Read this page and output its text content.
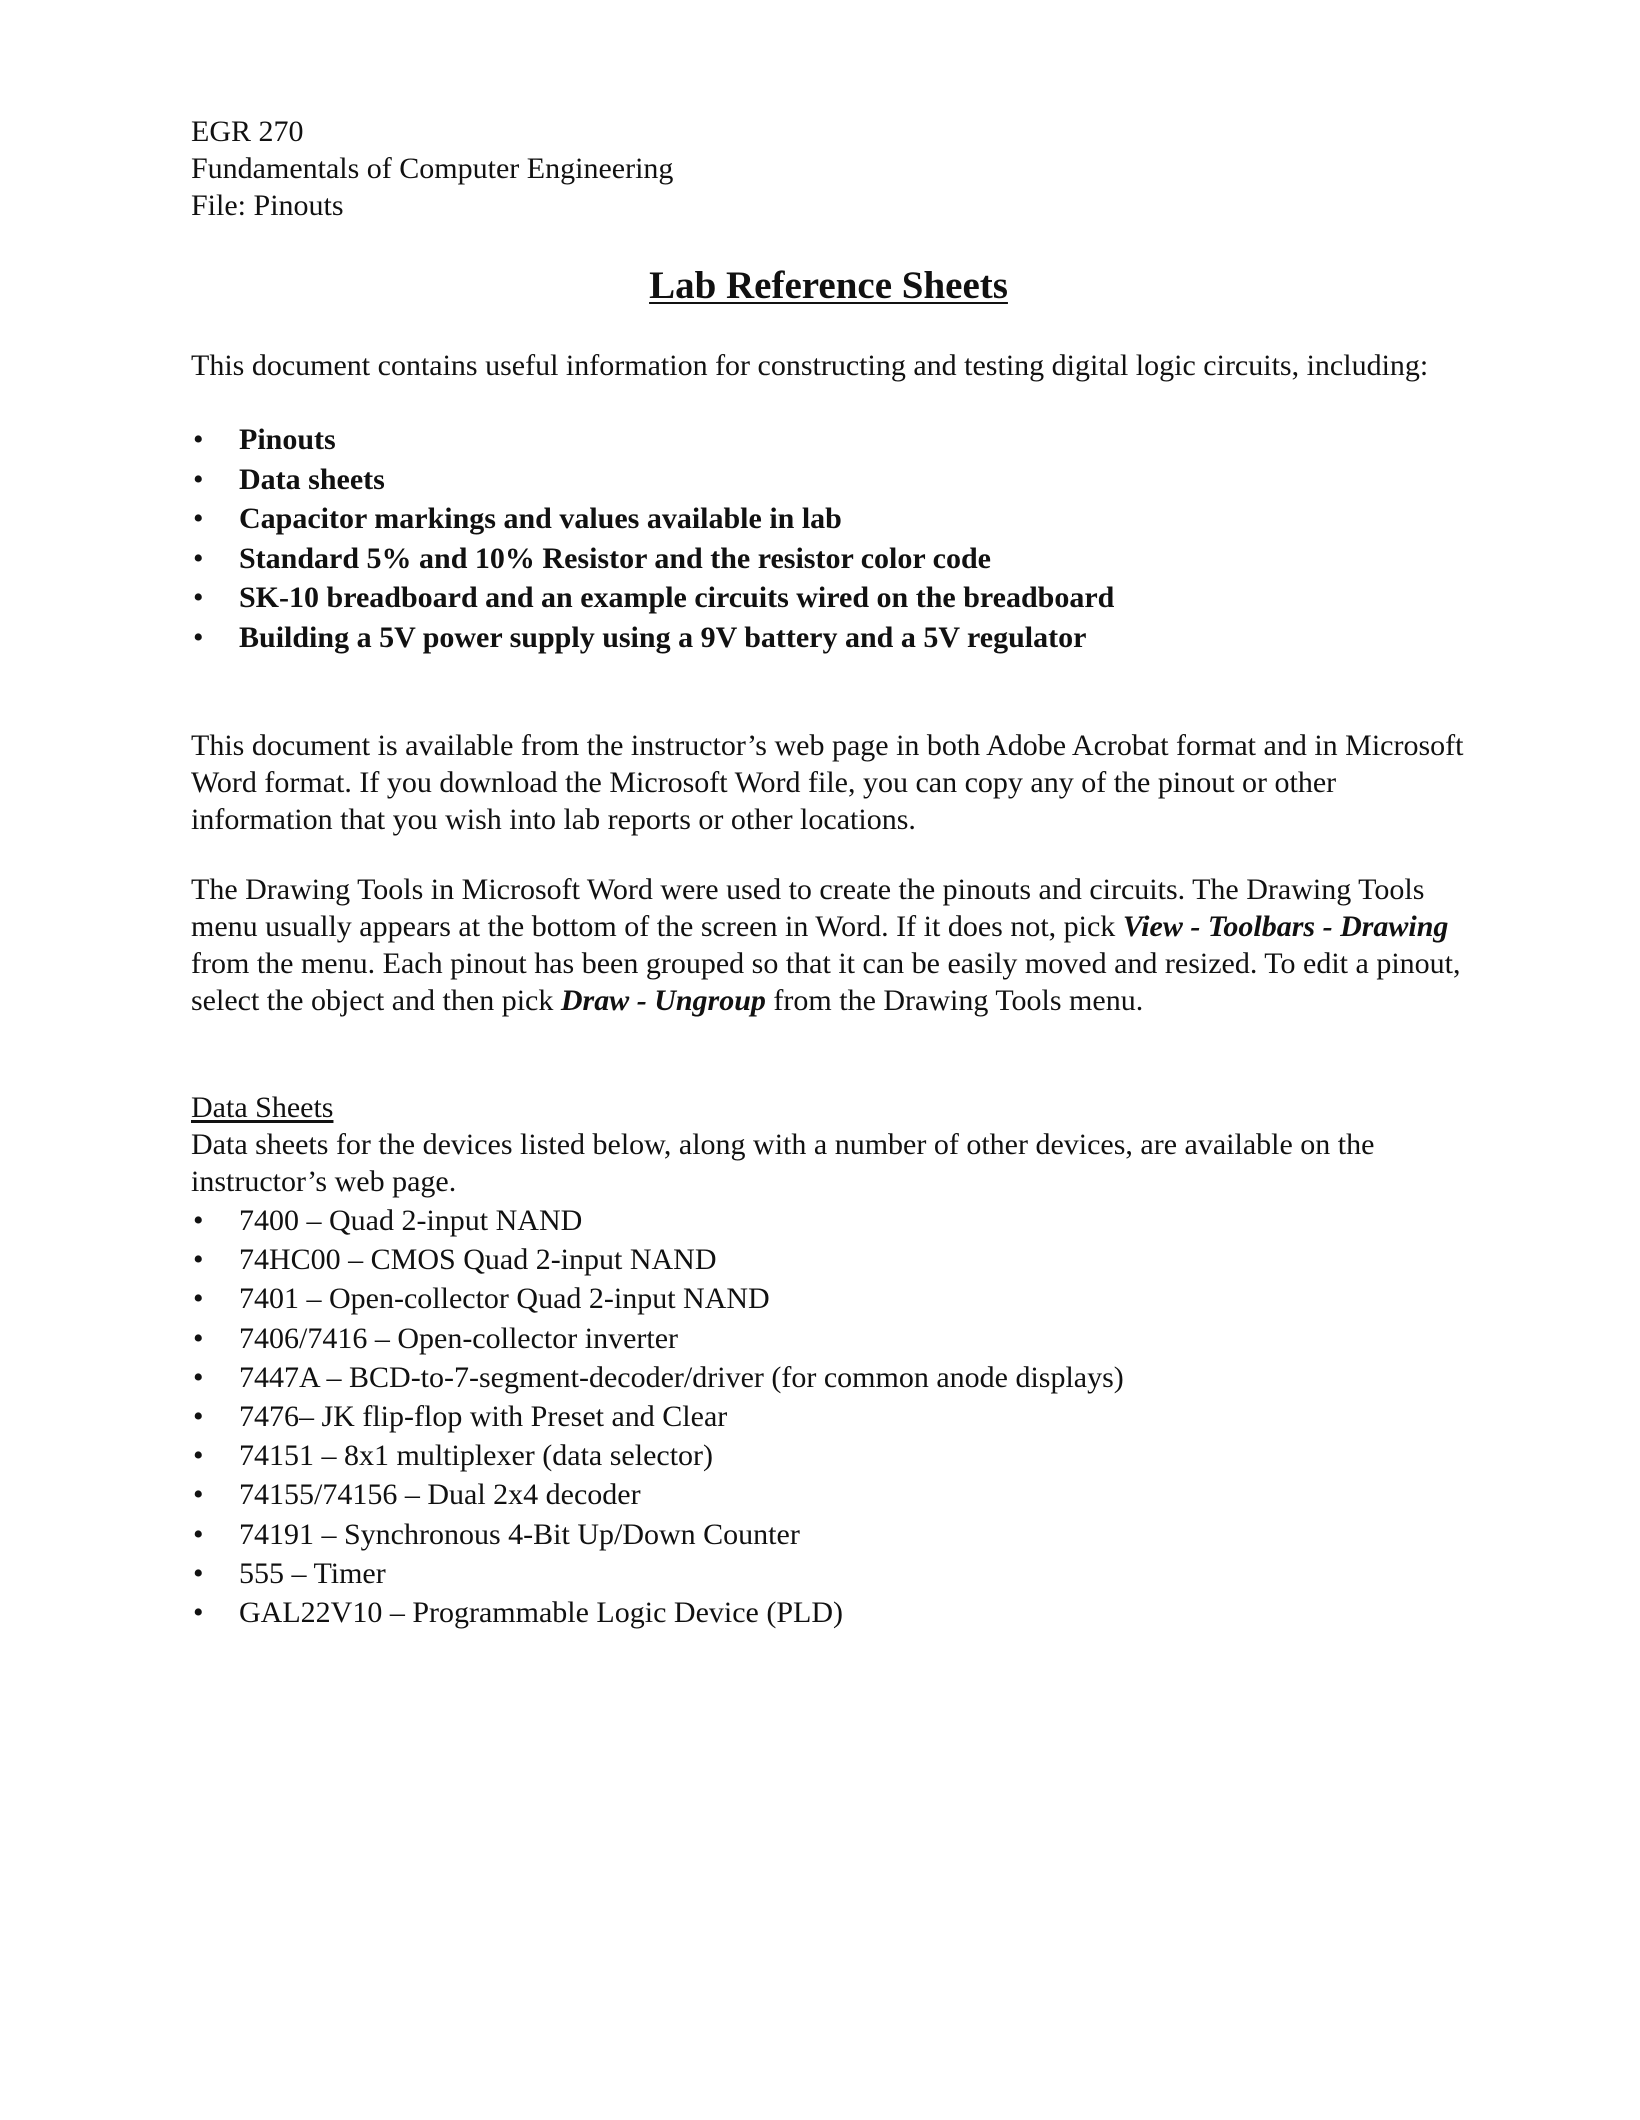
EGR 270
Fundamentals of Computer Engineering
File: Pinouts
Lab Reference Sheets

This document contains useful information for constructing and testing digital logic circuits, including:

• Pinouts
• Data sheets
• Capacitor markings and values available in lab
• Standard 5% and 10% Resistor and the resistor color code
• SK-10 breadboard and an example circuits wired on the breadboard
• Building a 5V power supply using a 9V battery and a 5V regulator

This document is available from the instructor’s web page in both Adobe Acrobat format and in Microsoft Word format. If you download the Microsoft Word file, you can copy any of the pinout or other information that you wish into lab reports or other locations.

The Drawing Tools in Microsoft Word were used to create the pinouts and circuits. The Drawing Tools menu usually appears at the bottom of the screen in Word. If it does not, pick View - Toolbars - Drawing from the menu. Each pinout has been grouped so that it can be easily moved and resized. To edit a pinout, select the object and then pick Draw - Ungroup from the Drawing Tools menu.

Data Sheets

Data sheets for the devices listed below, along with a number of other devices, are available on the instructor’s web page.

• 7400 – Quad 2-input NAND
• 74HC00 – CMOS Quad 2-input NAND
• 7401 – Open-collector Quad 2-input NAND
• 7406/7416 – Open-collector inverter
• 7447A – BCD-to-7-segment-decoder/driver (for common anode displays)
• 7476– JK flip-flop with Preset and Clear
• 74151 – 8x1 multiplexer (data selector)
• 74155/74156 – Dual 2x4 decoder
• 74191 – Synchronous 4-Bit Up/Down Counter
• 555 – Timer
• GAL22V10 – Programmable Logic Device (PLD)
